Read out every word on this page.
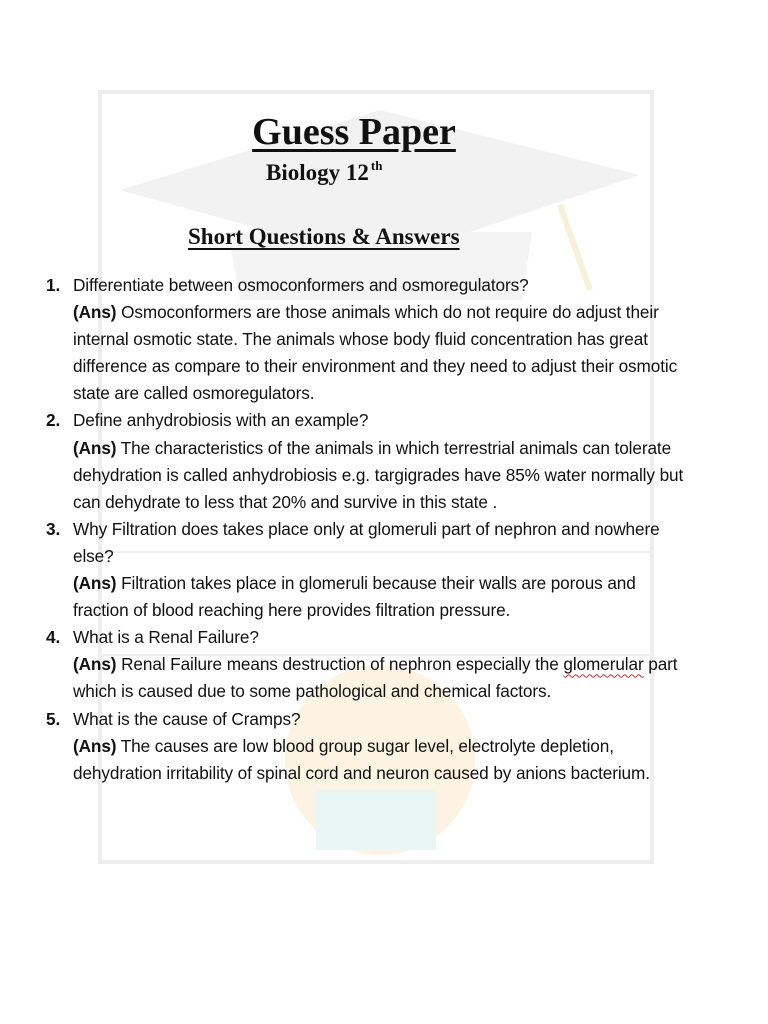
Guess Paper
Biology 12 $^{th}$
Short Questions & Answers
1. Differentiate between osmoconformers and osmoregulators?
(Ans) Osmoconformers are those animals which do not require do adjust their internal osmotic state. The animals whose body fluid concentration has great difference as compare to their environment and they need to adjust their osmotic state are called osmoregulators.
2. Define anhydrobiosis with an example?
(Ans) The characteristics of the animals in which terrestrial animals can tolerate dehydration is called anhydrobiosis e.g. targigrades have 85% water normally but can dehydrate to less that 20% and survive in this state .
3. Why Filtration does takes place only at glomeruli part of nephron and nowhere else?
(Ans) Filtration takes place in glomeruli because their walls are porous and fraction of blood reaching here provides filtration pressure.
4. What is a Renal Failure?
(Ans) Renal Failure means destruction of nephron especially the glomerular part which is caused due to some pathological and chemical factors.
5. What is the cause of Cramps?
(Ans) The causes are low blood group sugar level, electrolyte depletion, dehydration irritability of spinal cord and neuron caused by anions bacterium.
